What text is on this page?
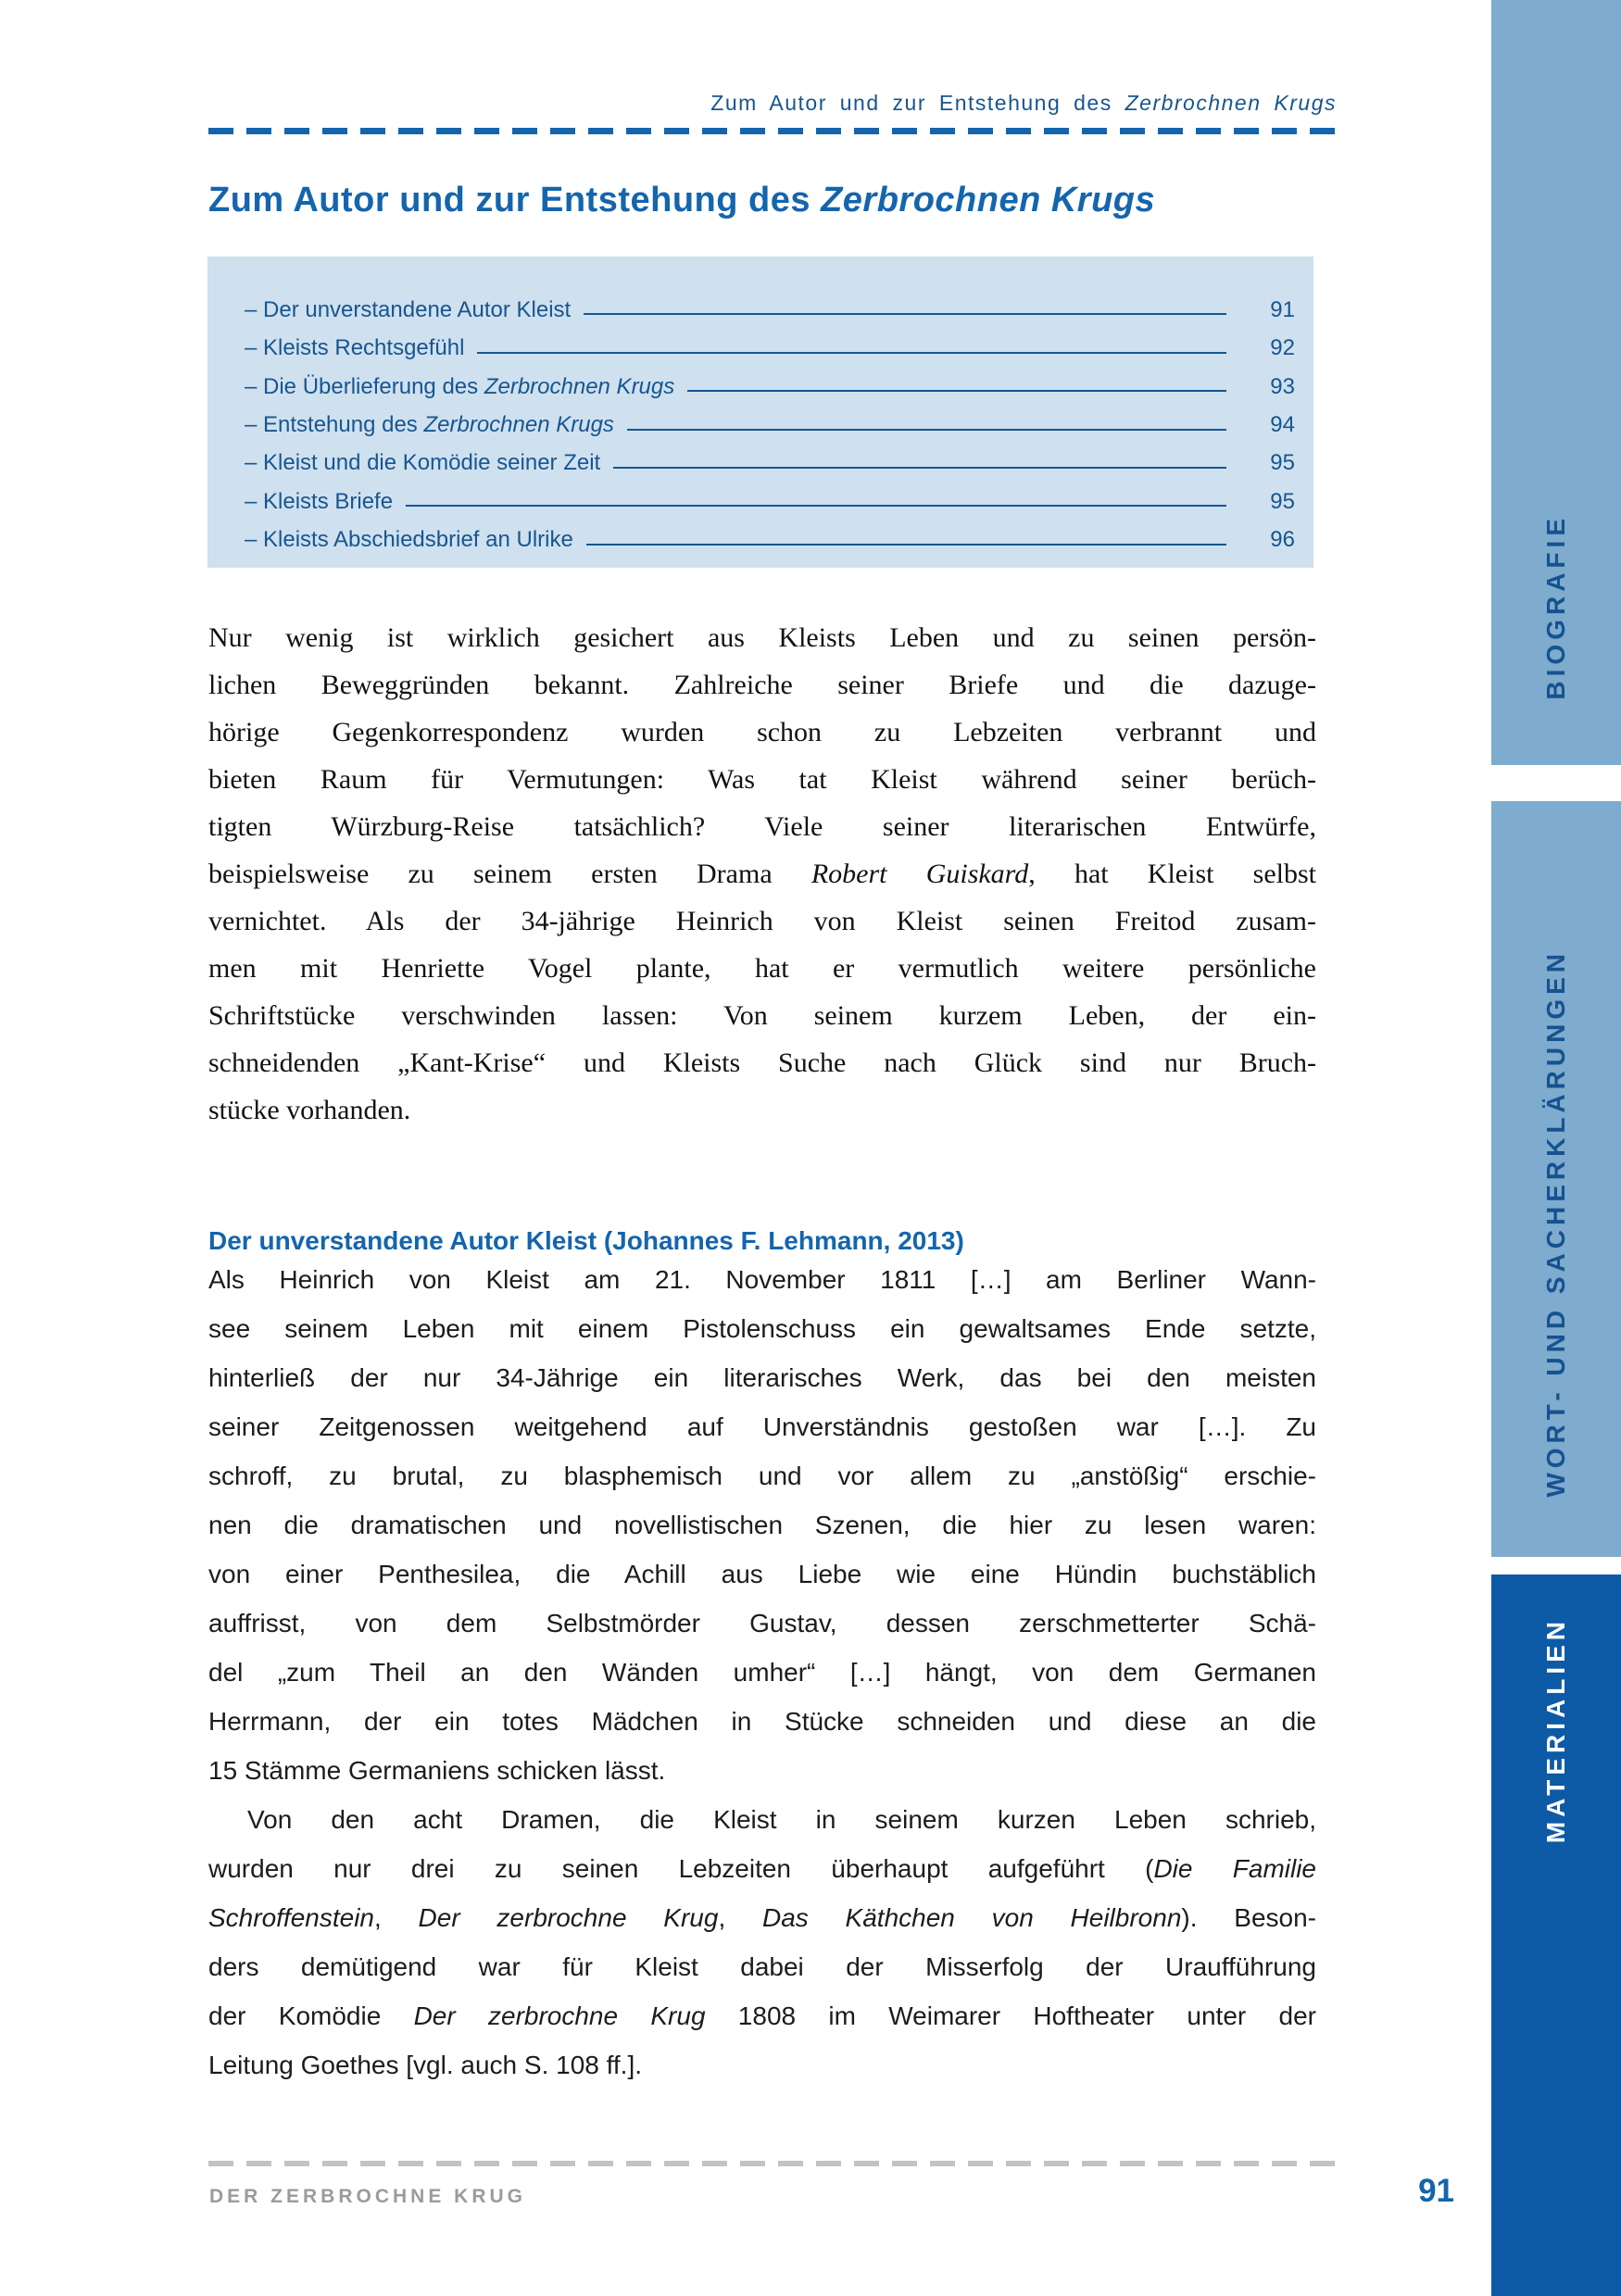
Zum Autor und zur Entstehung des Zerbrochnen Krugs
Zum Autor und zur Entstehung des Zerbrochnen Krugs
– Der unverstandene Autor Kleist	91
– Kleists Rechtsgefühl	92
– Die Überlieferung des Zerbrochnen Krugs	93
– Entstehung des Zerbrochnen Krugs	94
– Kleist und die Komödie seiner Zeit	95
– Kleists Briefe	95
– Kleists Abschiedsbrief an Ulrike	96
Nur wenig ist wirklich gesichert aus Kleists Leben und zu seinen persön-
lichen Beweggründen bekannt. Zahlreiche seiner Briefe und die dazuge-
hörige Gegenkorrespondenz wurden schon zu Lebzeiten verbrannt und
bieten Raum für Vermutungen: Was tat Kleist während seiner berüch-
tigten Würzburg-Reise tatsächlich? Viele seiner literarischen Entwürfe,
beispielsweise zu seinem ersten Drama Robert Guiskard, hat Kleist selbst
vernichtet. Als der 34-jährige Heinrich von Kleist seinen Freitod zusam-
men mit Henriette Vogel plante, hat er vermutlich weitere persönliche
Schriftstücke verschwinden lassen: Von seinem kurzem Leben, der ein-
schneidenden „Kant-Krise“ und Kleists Suche nach Glück sind nur Bruch-
stücke vorhanden.
Der unverstandene Autor Kleist (Johannes F. Lehmann, 2013)
Als Heinrich von Kleist am 21. November 1811 […] am Berliner Wann-
see seinem Leben mit einem Pistolenschuss ein gewaltsames Ende setzte,
hinterließ der nur 34-Jährige ein literarisches Werk, das bei den meisten
seiner Zeitgenossen weitgehend auf Unverständnis gestoßen war […]. Zu
schroff, zu brutal, zu blasphemisch und vor allem zu „anstößig“ erschie-
nen die dramatischen und novellistischen Szenen, die hier zu lesen waren:
von einer Penthesilea, die Achill aus Liebe wie eine Hündin buchstäblich
auffrisst, von dem Selbstmörder Gustav, dessen zerschmetterter Schä-
del „zum Theil an den Wänden umher“ […] hängt, von dem Germanen
Herrmann, der ein totes Mädchen in Stücke schneiden und diese an die
15 Stämme Germaniens schicken lässt.
Von den acht Dramen, die Kleist in seinem kurzen Leben schrieb,
wurden nur drei zu seinen Lebzeiten überhaupt aufgeführt (Die Familie
Schroffenstein, Der zerbrochne Krug, Das Käthchen von Heilbronn). Beson-
ders demütigend war für Kleist dabei der Misserfolg der Uraufführung
der Komödie Der zerbrochne Krug 1808 im Weimarer Hoftheater unter der
Leitung Goethes [vgl. auch S. 108 ff.].
DER ZERBROCHNE KRUG	91
BIOGRAFIE
WORT- UND SACHERKLÄRUNGEN
MATERIALIEN
